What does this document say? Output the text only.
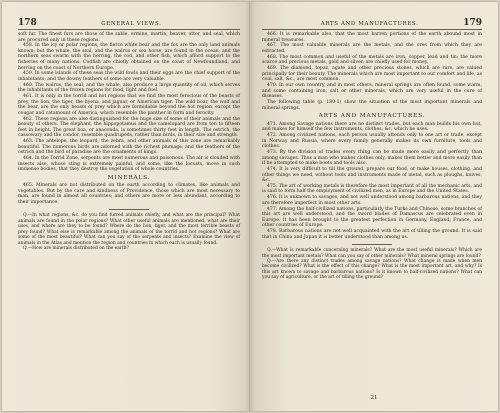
178	GENERAL VIEWS.

soft fur. The finest furs are those of the sable, ermine, martin, beaver, otter, and seal, which are procured only in these regions.

458. In the icy or polar regions, the fierce white bear and the fox are the only land animals known; but the whale, the seal, and the walrus or sea horse, are found in the ocean; and the northern seas swarm with the herring, the cod, and other fish, which afford support to the fisheries of many nations. Codfish are chiefly obtained on the coast of Newfoundland, and herring on the coast of Northern Europe.

459. In some islands of these seas the wild fowls and their eggs are the chief support of the inhabitants; and the downy feathers of some are very valuable.

460. The walrus, the seal, and the whale, also produce a large quantity of oil, which serves the inhabitants of the frozen regions for food, light and fuel.

461. It is only in the torrid and hot regions that we find the most ferocious of the beasts of prey, the lion, the tiger, the hyena, and jaguar, or American tiger. The wild boar, the wolf and the bear, are the only beasts of prey which are formidable beyond the hot region, except the cougar and catamount of America, which resemble the panther in form and ferocity.

462. These regions are also distinguished for the huge size of some of their animals and the beauty of others. The elephant, the hippopotamus and the camelopard are from ten to fifteen feet in height. The great boa, or anaconda, is sometimes thirty feet in length. The ostrich, the cassowary and the condor, resemble quadrupeds, rather than birds, in their size and strength.

463. The antelope, the leopard, the zebra, and other animals of this zone are remarkably beautiful. The numerous birds are adorned with the richest plumage, and the feathers of the ostrich and the bird of paradise are the ornaments of kings.

464. In the Torrid Zone, serpents are most numerous and poisonous. The air is clouded with insects also, whose sting is extremely painful, and some, like the locusts, move in such immense bodies, that they destroy the vegetation of whole countries.

MINERALS.

465. Minerals are not distributed on the earth according to climates, like animals and vegetables. But by the care and kindness of Providence, those which are most necessary to man, are found in almost all countries; and others are more or less abundant, according to their importance.

Q.—In what regions, &c. do you find furred animals chiefly, and what are the principal? What animals are found in the polar regions? What other useful animals are mentioned, what are their uses, and where are they to be found? Where do the lion, tiger, and the most terrible beasts of prey found? What else is remarkable among the animals of the torrid and hot regions? What are some of the most beautiful? What can you say of the serpents and insects? Examine the view of animals in the Atlas and mention the region and countries in which each is usually found.

Q.—How are minerals distributed on the earth?

ARTS AND MANUFACTURES.	179

466. It is remarkable also, that the most barren portions of the earth abound most in mineral treasures.

467. The most valuable minerals are the metals, and the ores from which they are extracted.

468. The most common and useful of the metals are iron, copper, lead and tin: the more scarce and precious metals, gold and silver, are chiefly used for money.

469. The diamond, topaz, agate and other precious stones, which are rare, are valued principally for their beauty. The minerals which are most important to our comfort and life, as coal, salt, &c., are most common.

470. In our own country, and in most others, mineral springs are often found, some warm, and some containing iron, salt or other minerals, which are very useful in the cure of diseases.

The following table (p. 180-1) show the situation of the most important minerals and mineral springs.

ARTS AND MANUFACTURES.

471. Among Savage nations there are no distinct trades, but each man builds his own hut, and makes for himself the few instruments, clothes, &c. which he uses.

472. Among civilized nations, each person usually attends only to one art or trade, except in Norway and Russia, where every family generally makes its own furniture, tools and clothes.

473. By the division of trades every thing can be made more easily and perfectly than among savages. Thus a man who makes clothes only, makes them better and more easily than if he attempted to make boots and tools also.

474. It is very difficult to till the ground, prepare our food, or make houses, clothing, and other things we need, without tools and instruments made of metal, such as ploughs, knives, &c.

475. The art of working metals is therefore the most important of all the mechanic arts, and is said to form half the employment of civilized men, as in Europe and the United States.

476. It is unknown to savages, and not well understood among barbarous nations, and they are therefore imperfect in most other arts.

477. Among the half-civilized nations, particularly the Turks and Chinese, some branches of this art are well understood, and the sword blades of Damascus are celebrated even in Europe. It has been brought to the greatest perfection in Germany, England, France, and other countries of Europe.

478. Barbarous nations are not well acquainted with the art of tilling the ground. It is said that in China and Japan it is better understood than among us.

Q.—What is remarkable concerning minerals? What are the most useful minerals? Which are the most important metals? What can you say of other minerals? What mineral springs are found?

Q.—Are there any distinct trades among savage nations? What change is made when men become civilized? What is the effect of this change? What is the most important art, and why? Is this art known to savage and barbarous nations? Is it known to half-civilized nations? What can you say of agriculture, or the art of tilling the ground?

21
